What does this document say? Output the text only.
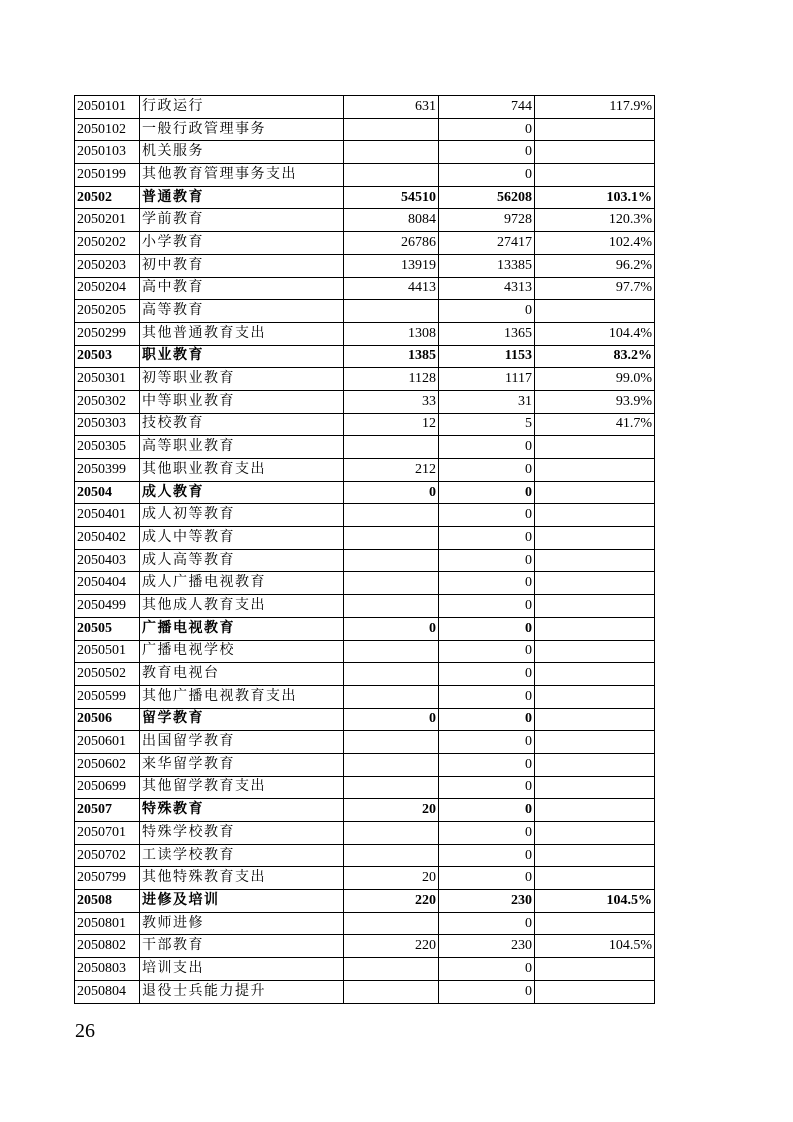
2050101	行政运行	631	744	117.9%
2050102	一般行政管理事务		0	
2050103	机关服务		0	
2050199	其他教育管理事务支出		0	
20502	普通教育	54510	56208	103.1%
2050201	学前教育	8084	9728	120.3%
2050202	小学教育	26786	27417	102.4%
2050203	初中教育	13919	13385	96.2%
2050204	高中教育	4413	4313	97.7%
2050205	高等教育		0	
2050299	其他普通教育支出	1308	1365	104.4%
20503	职业教育	1385	1153	83.2%
2050301	初等职业教育	1128	1117	99.0%
2050302	中等职业教育	33	31	93.9%
2050303	技校教育	12	5	41.7%
2050305	高等职业教育		0	
2050399	其他职业教育支出	212	0	
20504	成人教育	0	0	
2050401	成人初等教育		0	
2050402	成人中等教育		0	
2050403	成人高等教育		0	
2050404	成人广播电视教育		0	
2050499	其他成人教育支出		0	
20505	广播电视教育	0	0	
2050501	广播电视学校		0	
2050502	教育电视台		0	
2050599	其他广播电视教育支出		0	
20506	留学教育	0	0	
2050601	出国留学教育		0	
2050602	来华留学教育		0	
2050699	其他留学教育支出		0	
20507	特殊教育	20	0	
2050701	特殊学校教育		0	
2050702	工读学校教育		0	
2050799	其他特殊教育支出	20	0	
20508	进修及培训	220	230	104.5%
2050801	教师进修		0	
2050802	干部教育	220	230	104.5%
2050803	培训支出		0	
2050804	退役士兵能力提升		0	
26
